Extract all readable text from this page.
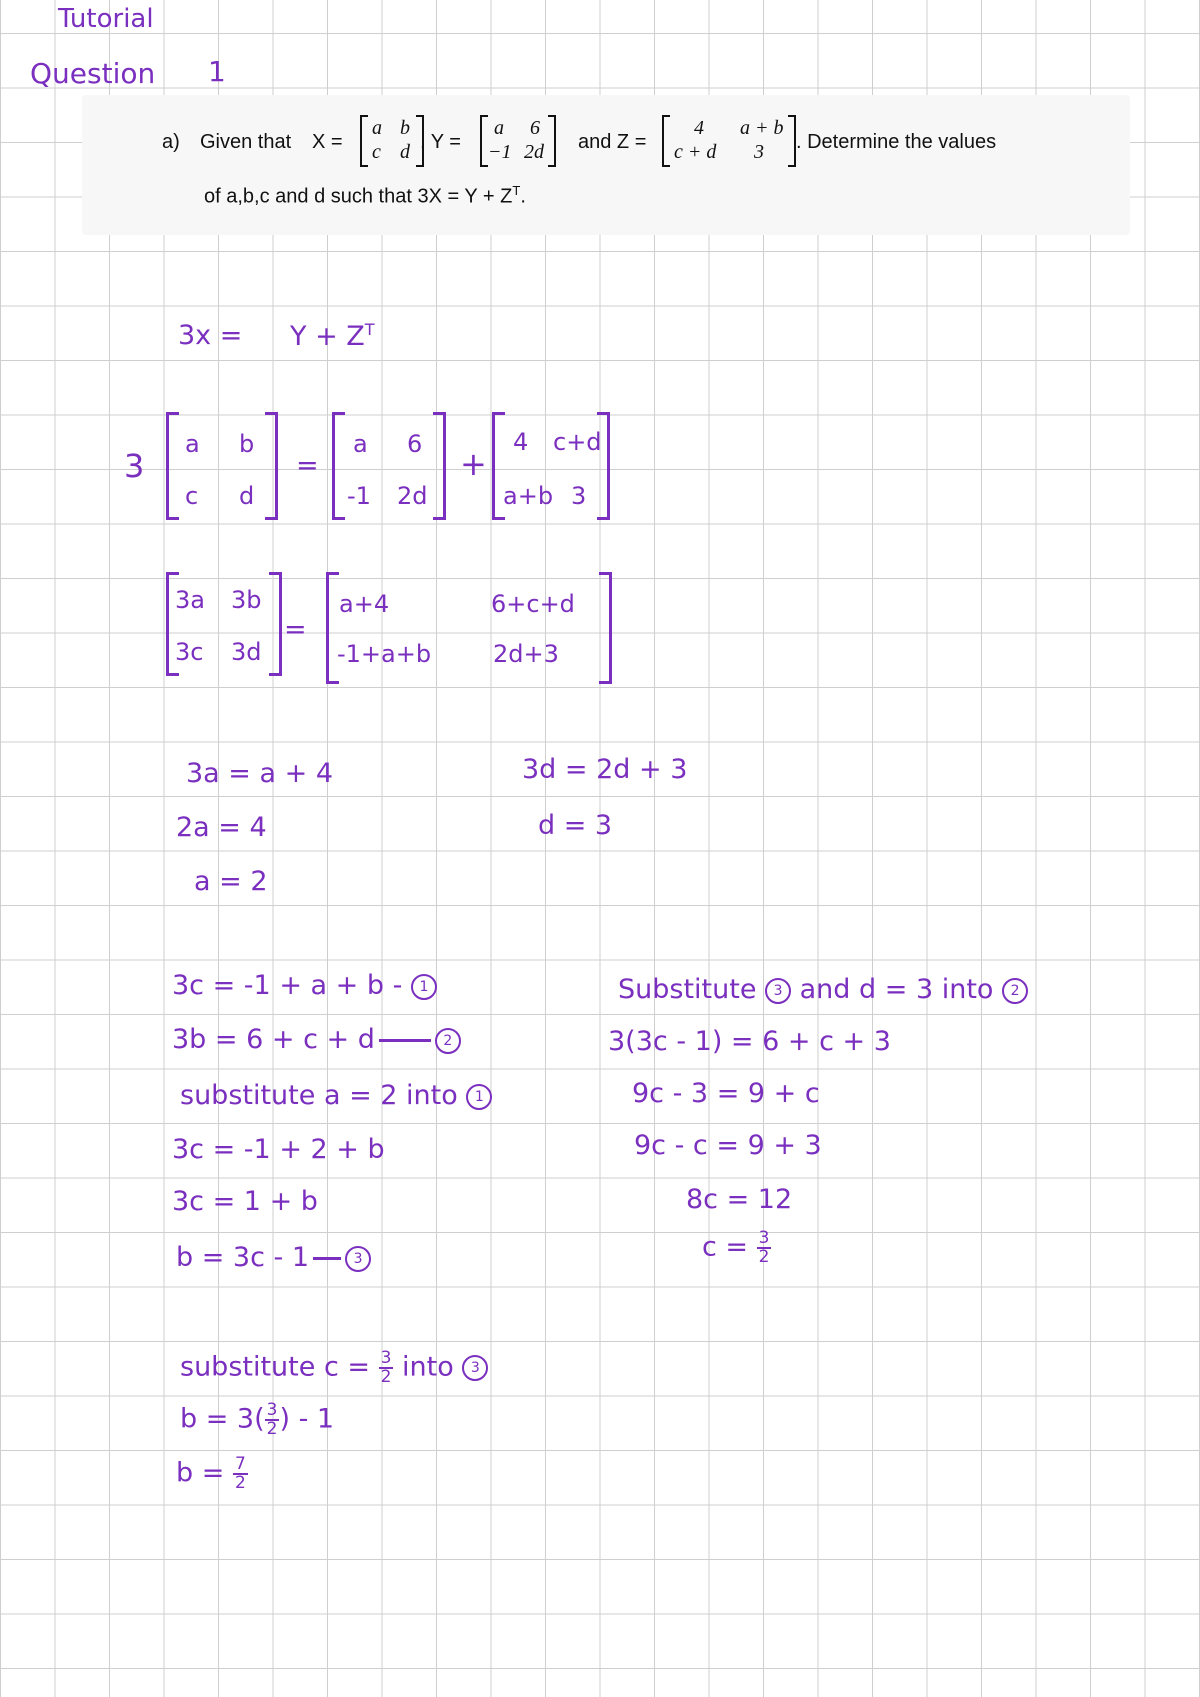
Tutorial
Question 1
a) Given that X =
a b
c d , Y =
a 6
−1 2d and Z =
4 a + b
c + d 3 . Determine the values
of a,b,c and d such that $3X = Y + Z^T$.
$3x = Y + Z^T$
3
a b
c d
=
a 6
-1 2d
+
4 c+d
a+b 3
3a 3b
3c 3d
=
a+4	6+c+d
-1+a+b	2d+3
3a = a + 4
2a = 4
a = 2
3d = 2d + 3
d = 3
3c = -1 + a + b - 1
3b = 6 + c + d	2
substitute a = 2 into 1
3c = -1 + 2 + b
3c = 1 + b
b = 3c - 1	3
Substitute 3 and d = 3 into 2
3(3c - 1) = 6 + c + 3
9c - 3 = 9 + c
9c - c = 9 + 3
8c = 12
$c = \frac{3}{2}$
substitute $c = \frac{3}{2}$ into 3
$b = 3( \frac{3}{2}$ ) - 1
$b = \frac{7}{2}$
